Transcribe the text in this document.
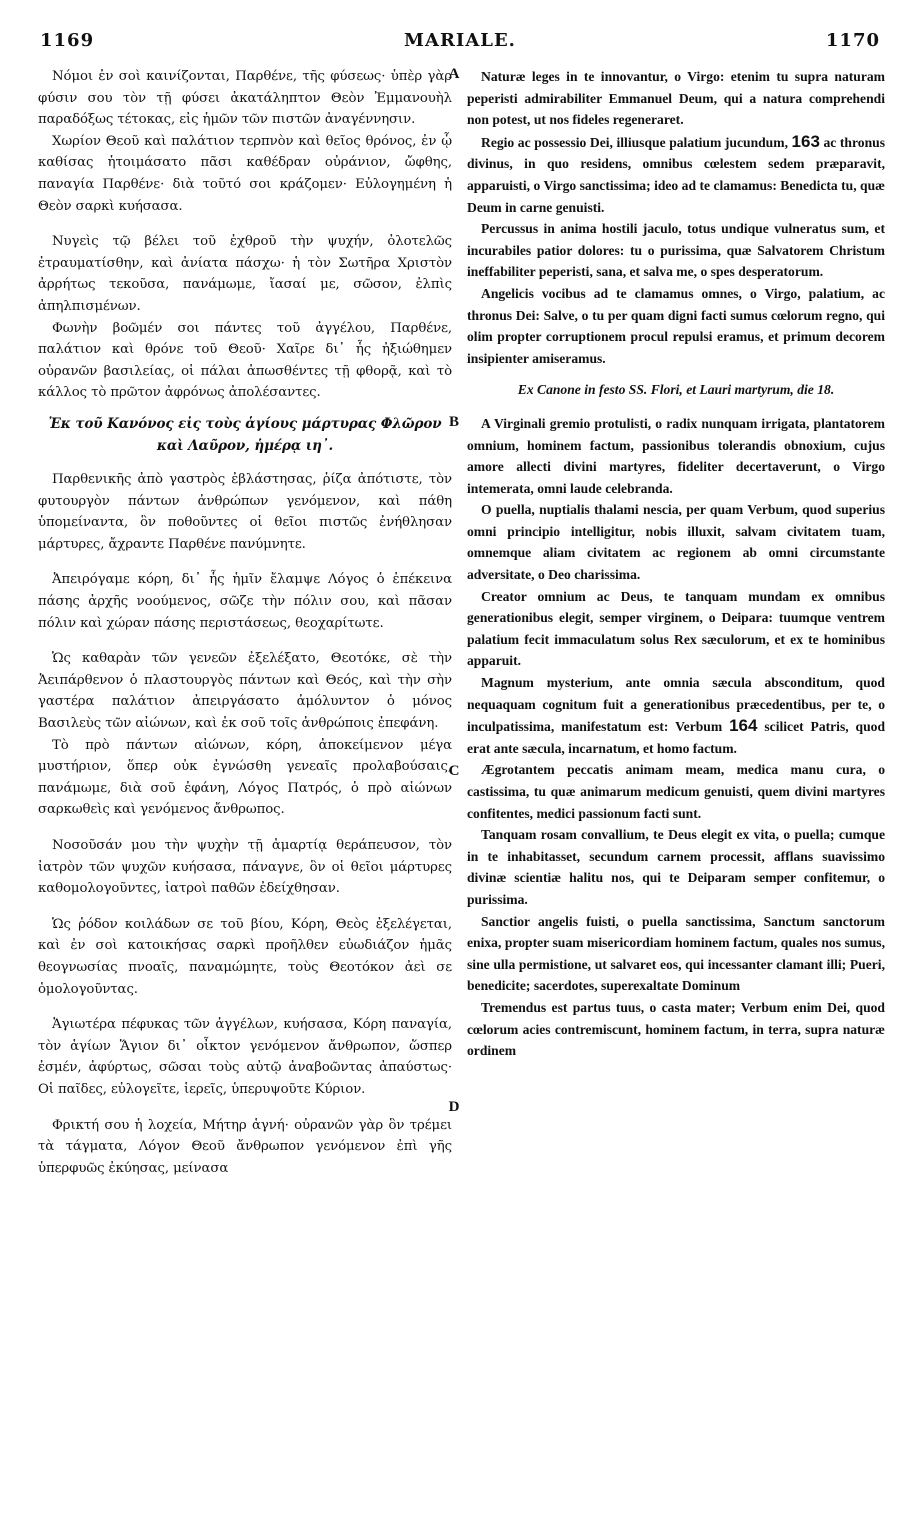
1169	MARIALE.	1170
A
B
C
D

Νόμοι ἐν σοὶ καινίζονται, Παρθένε, τῆς φύσεως· ὑπὲρ γὰρ φύσιν σου τὸν τῇ φύσει ἀκατάληπτον Θεὸν Ἐμμανουὴλ παραδόξως τέτοκας, εἰς ἡμῶν τῶν πιστῶν ἀναγέννησιν.

Χωρίον Θεοῦ καὶ παλάτιον τερπνὸν καὶ θεῖος θρόνος, ἐν ᾧ καθίσας ἡτοιμάσατο πᾶσι καθέδραν οὐράνιον, ὤφθης, παναγία Παρθένε· διὰ τοῦτό σοι κράζομεν· Εὐλογημένη ἡ Θεὸν σαρκὶ κυήσασα.

Νυγεὶς τῷ βέλει τοῦ ἐχθροῦ τὴν ψυχήν, ὁλοτελῶς ἐτραυματίσθην, καὶ ἀνίατα πάσχω· ἡ τὸν Σωτῆρα Χριστὸν ἀρρήτως τεκοῦσα, πανάμωμε, ἴασαί με, σῶσον, ἐλπὶς ἀπηλπισμένων.

Φωνὴν βοῶμέν σοι πάντες τοῦ ἀγγέλου, Παρθένε, παλάτιον καὶ θρόνε τοῦ Θεοῦ· Χαῖρε δι᾽ ἧς ἠξιώθημεν οὐρανῶν βασιλείας, οἱ πάλαι ἀπωσθέντες τῇ φθορᾷ, καὶ τὸ κάλλος τὸ πρῶτον ἀφρόνως ἀπολέσαντες.

Ἐκ τοῦ Κανόνος εἰς τοὺς ἁγίους μάρτυρας Φλῶρον καὶ Λαῦρον, ἡμέρᾳ ιη᾽.

Παρθενικῆς ἀπὸ γαστρὸς ἐβλάστησας, ῥίζα ἀπότιστε, τὸν φυτουργὸν πάντων ἀνθρώπων γενόμενον, καὶ πάθη ὑπομείναντα, ὃν ποθοῦντες οἱ θεῖοι πιστῶς ἐνήθλησαν μάρτυρες, ἄχραντε Παρθένε πανύμνητε.

Ἀπειρόγαμε κόρη, δι᾽ ἧς ἡμῖν ἔλαμψε Λόγος ὁ ἐπέκεινα πάσης ἀρχῆς νοούμενος, σῶζε τὴν πόλιν σου, καὶ πᾶσαν πόλιν καὶ χώραν πάσης περιστάσεως, θεοχαρίτωτε.

Ὡς καθαρὰν τῶν γενεῶν ἐξελέξατο, Θεοτόκε, σὲ τὴν Ἀειπάρθενον ὁ πλαστουργὸς πάντων καὶ Θεός, καὶ τὴν σὴν γαστέρα παλάτιον ἀπειργάσατο ἀμόλυντον ὁ μόνος Βασιλεὺς τῶν αἰώνων, καὶ ἐκ σοῦ τοῖς ἀνθρώποις ἐπεφάνη.

Τὸ πρὸ πάντων αἰώνων, κόρη, ἀποκείμενον μέγα μυστήριον, ὅπερ οὐκ ἐγνώσθη γενεαῖς προλαβούσαις, πανάμωμε, διὰ σοῦ ἐφάνη, Λόγος Πατρός, ὁ πρὸ αἰώνων σαρκωθεὶς καὶ γενόμενος ἄνθρωπος.

Νοσοῦσάν μου τὴν ψυχὴν τῇ ἁμαρτίᾳ θεράπευσον, τὸν ἰατρὸν τῶν ψυχῶν κυήσασα, πάναγνε, ὃν οἱ θεῖοι μάρτυρες καθομολογοῦντες, ἰατροὶ παθῶν ἐδείχθησαν.

Ὡς ῥόδον κοιλάδων σε τοῦ βίου, Κόρη, Θεὸς ἐξελέγεται, καὶ ἐν σοὶ κατοικήσας σαρκὶ προῆλθεν εὐωδιάζον ἡμᾶς θεογνωσίας πνοαῖς, παναμώμητε, τοὺς Θεοτόκον ἀεὶ σε ὁμολογοῦντας.

Ἁγιωτέρα πέφυκας τῶν ἀγγέλων, κυήσασα, Κόρη παναγία, τὸν ἁγίων Ἅγιον δι᾽ οἶκτον γενόμενον ἄνθρωπον, ὥσπερ ἐσμέν, ἀφύρτως, σῶσαι τοὺς αὐτῷ ἀναβοῶντας ἀπαύστως· Οἱ παῖδες, εὐλογεῖτε, ἱερεῖς, ὑπερυψοῦτε Κύριον.

Φρικτή σου ἡ λοχεία, Μήτηρ ἁγνή· οὐρανῶν γὰρ ὃν τρέμει τὰ τάγματα, Λόγον Θεοῦ ἄνθρωπον γενόμενον ἐπὶ γῆς ὑπερφυῶς ἐκύησας, μείνασα

Naturæ leges in te innovantur, o Virgo: etenim tu supra naturam peperisti admirabiliter Emmanuel Deum, qui a natura comprehendi non potest, ut nos fideles regeneraret.

Regio ac possessio Dei, illiusque palatium jucundum, 163 ac thronus divinus, in quo residens, omnibus cœlestem sedem præparavit, apparuisti, o Virgo sanctissima; ideo ad te clamamus: Benedicta tu, quæ Deum in carne genuisti.

Percussus in anima hostili jaculo, totus undique vulneratus sum, et incurabiles patior dolores: tu o purissima, quæ Salvatorem Christum ineffabiliter peperisti, sana, et salva me, o spes desperatorum.

Angelicis vocibus ad te clamamus omnes, o Virgo, palatium, ac thronus Dei: Salve, o tu per quam digni facti sumus cœlorum regno, qui olim propter corruptionem procul repulsi eramus, et primum decorem insipienter amiseramus.

Ex Canone in festo SS. Flori, et Lauri martyrum, die 18.

A Virginali gremio protulisti, o radix nunquam irrigata, plantatorem omnium, hominem factum, passionibus tolerandis obnoxium, cujus amore allecti divini martyres, fideliter decertaverunt, o Virgo intemerata, omni laude celebranda.

O puella, nuptialis thalami nescia, per quam Verbum, quod superius omni principio intelligitur, nobis illuxit, salvam civitatem tuam, omnemque aliam civitatem ac regionem ab omni circumstante adversitate, o Deo charissima.

Creator omnium ac Deus, te tanquam mundam ex omnibus generationibus elegit, semper virginem, o Deipara: tuumque ventrem palatium fecit immaculatum solus Rex sæculorum, et ex te hominibus apparuit.

Magnum mysterium, ante omnia sæcula absconditum, quod nequaquam cognitum fuit a generationibus præcedentibus, per te, o inculpatissima, manifestatum est: Verbum 164 scilicet Patris, quod erat ante sæcula, incarnatum, et homo factum.

Ægrotantem peccatis animam meam, medica manu cura, o castissima, tu quæ animarum medicum genuisti, quem divini martyres confitentes, medici passionum facti sunt.

Tanquam rosam convallium, te Deus elegit ex vita, o puella; cumque in te inhabitasset, secundum carnem processit, afflans suavissimo divinæ scientiæ halitu nos, qui te Deiparam semper confitemur, o purissima.

Sanctior angelis fuisti, o puella sanctissima, Sanctum sanctorum enixa, propter suam misericordiam hominem factum, quales nos sumus, sine ulla permistione, ut salvaret eos, qui incessanter clamant illi; Pueri, benedicite; sacerdotes, superexaltate Dominum

Tremendus est partus tuus, o casta mater; Verbum enim Dei, quod cœlorum acies contremiscunt, hominem factum, in terra, supra naturæ ordinem
